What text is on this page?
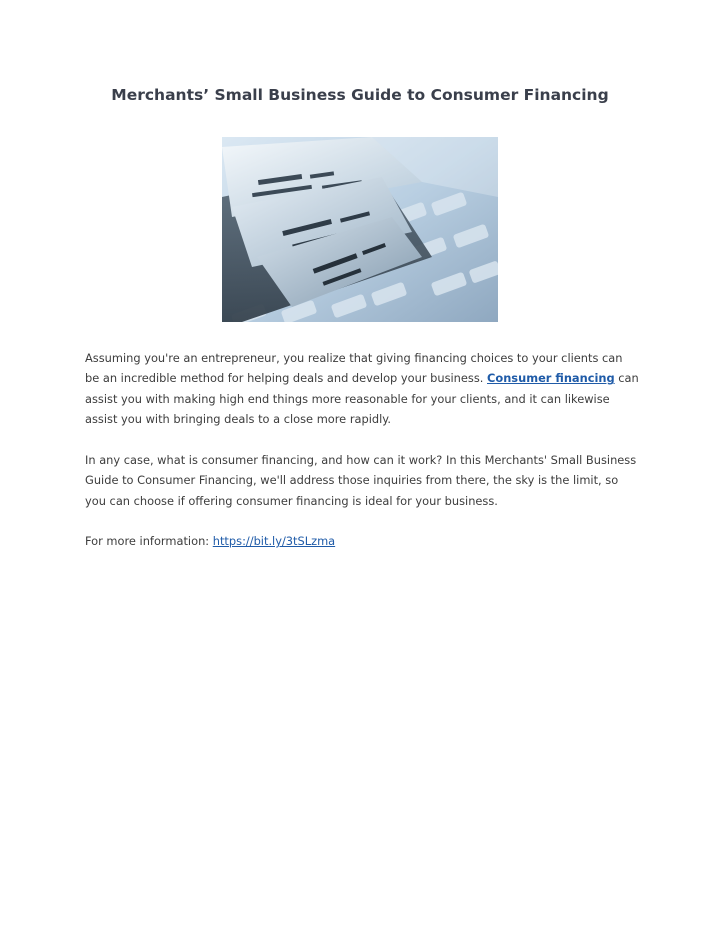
Merchants’ Small Business Guide to Consumer Financing
Assuming you're an entrepreneur, you realize that giving financing choices to your clients can be an incredible method for helping deals and develop your business. Consumer financing can assist you with making high end things more reasonable for your clients, and it can likewise assist you with bringing deals to a close more rapidly.
In any case, what is consumer financing, and how can it work? In this Merchants' Small Business Guide to Consumer Financing, we'll address those inquiries from there, the sky is the limit, so you can choose if offering consumer financing is ideal for your business.
For more information: https://bit.ly/3tSLzma
